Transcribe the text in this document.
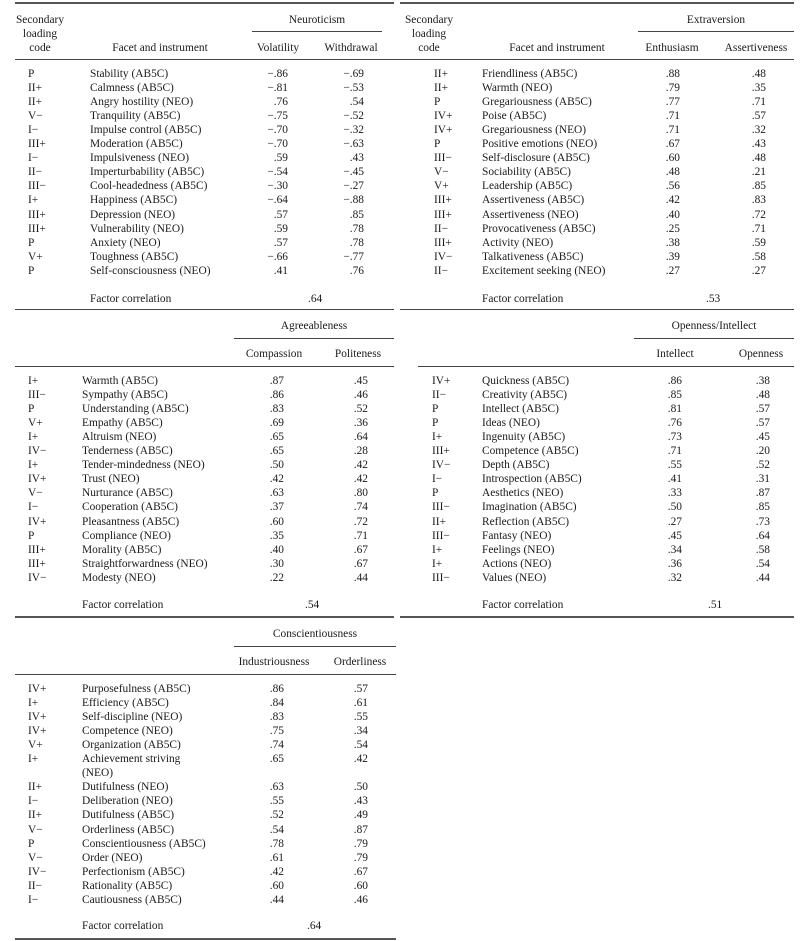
Secondary
loading
code	Facet and instrument
Neuroticism
Volatility	Withdrawal
Factor correlation	.64
P	Stability (AB5C)	−.86	−.69
II+	Calmness (AB5C)	−.81	−.53
II+	Angry hostility (NEO)	.76	.54
V−	Tranquility (AB5C)	−.75	−.52
I−	Impulse control (AB5C)	−.70	−.32
III+	Moderation (AB5C)	−.70	−.63
I−	Impulsiveness (NEO)	.59	.43
II−	Imperturbability (AB5C)	−.54	−.45
III−	Cool-headedness (AB5C)	−.30	−.27
I+	Happiness (AB5C)	−.64	−.88
III+	Depression (NEO)	.57	.85
III+	Vulnerability (NEO)	.59	.78
P	Anxiety (NEO)	.57	.78
V+	Toughness (AB5C)	−.66	−.77
P	Self-consciousness (NEO)	.41	.76
Secondary
loading
code	Facet and instrument
Extraversion
Enthusiasm	Assertiveness
Factor correlation	.53
II+	Friendliness (AB5C)	.88	.48
II+	Warmth (NEO)	.79	.35
P	Gregariousness (AB5C)	.77	.71
IV+	Poise (AB5C)	.71	.57
IV+	Gregariousness (NEO)	.71	.32
P	Positive emotions (NEO)	.67	.43
III−	Self-disclosure (AB5C)	.60	.48
V−	Sociability (AB5C)	.48	.21
V+	Leadership (AB5C)	.56	.85
III+	Assertiveness (AB5C)	.42	.83
III+	Assertiveness (NEO)	.40	.72
II−	Provocativeness (AB5C)	.25	.71
III+	Activity (NEO)	.38	.59
IV−	Talkativeness (AB5C)	.39	.58
II−	Excitement seeking (NEO)	.27	.27
Agreeableness
Compassion	Politeness
Factor correlation	.54
I+	Warmth (AB5C)	.87	.45
III−	Sympathy (AB5C)	.86	.46
P	Understanding (AB5C)	.83	.52
V+	Empathy (AB5C)	.69	.36
I+	Altruism (NEO)	.65	.64
IV−	Tenderness (AB5C)	.65	.28
I+	Tender-mindedness (NEO)	.50	.42
IV+	Trust (NEO)	.42	.42
V−	Nurturance (AB5C)	.63	.80
I−	Cooperation (AB5C)	.37	.74
IV+	Pleasantness (AB5C)	.60	.72
P	Compliance (NEO)	.35	.71
III+	Morality (AB5C)	.40	.67
III+	Straightforwardness (NEO)	.30	.67
IV−	Modesty (NEO)	.22	.44
Openness/Intellect
Intellect	Openness
Factor correlation	.51
IV+	Quickness (AB5C)	.86	.38
II−	Creativity (AB5C)	.85	.48
P	Intellect (AB5C)	.81	.57
P	Ideas (NEO)	.76	.57
I+	Ingenuity (AB5C)	.73	.45
III+	Competence (AB5C)	.71	.20
IV−	Depth (AB5C)	.55	.52
I−	Introspection (AB5C)	.41	.31
P	Aesthetics (NEO)	.33	.87
III−	Imagination (AB5C)	.50	.85
II+	Reflection (AB5C)	.27	.73
III−	Fantasy (NEO)	.45	.64
I+	Feelings (NEO)	.34	.58
I+	Actions (NEO)	.36	.54
III−	Values (NEO)	.32	.44
Conscientiousness
Industriousness	Orderliness
Factor correlation	.64
IV+	Purposefulness (AB5C)	.86	.57
I+	Efficiency (AB5C)	.84	.61
IV+	Self-discipline (NEO)	.83	.55
IV+	Competence (NEO)	.75	.34
V+	Organization (AB5C)	.74	.54
I+	Achievement striving	.65	.42
(NEO)
II+	Dutifulness (NEO)	.63	.50
I−	Deliberation (NEO)	.55	.43
II+	Dutifulness (AB5C)	.52	.49
V−	Orderliness (AB5C)	.54	.87
P	Conscientiousness (AB5C)	.78	.79
V−	Order (NEO)	.61	.79
IV−	Perfectionism (AB5C)	.42	.67
II−	Rationality (AB5C)	.60	.60
I−	Cautiousness (AB5C)	.44	.46
